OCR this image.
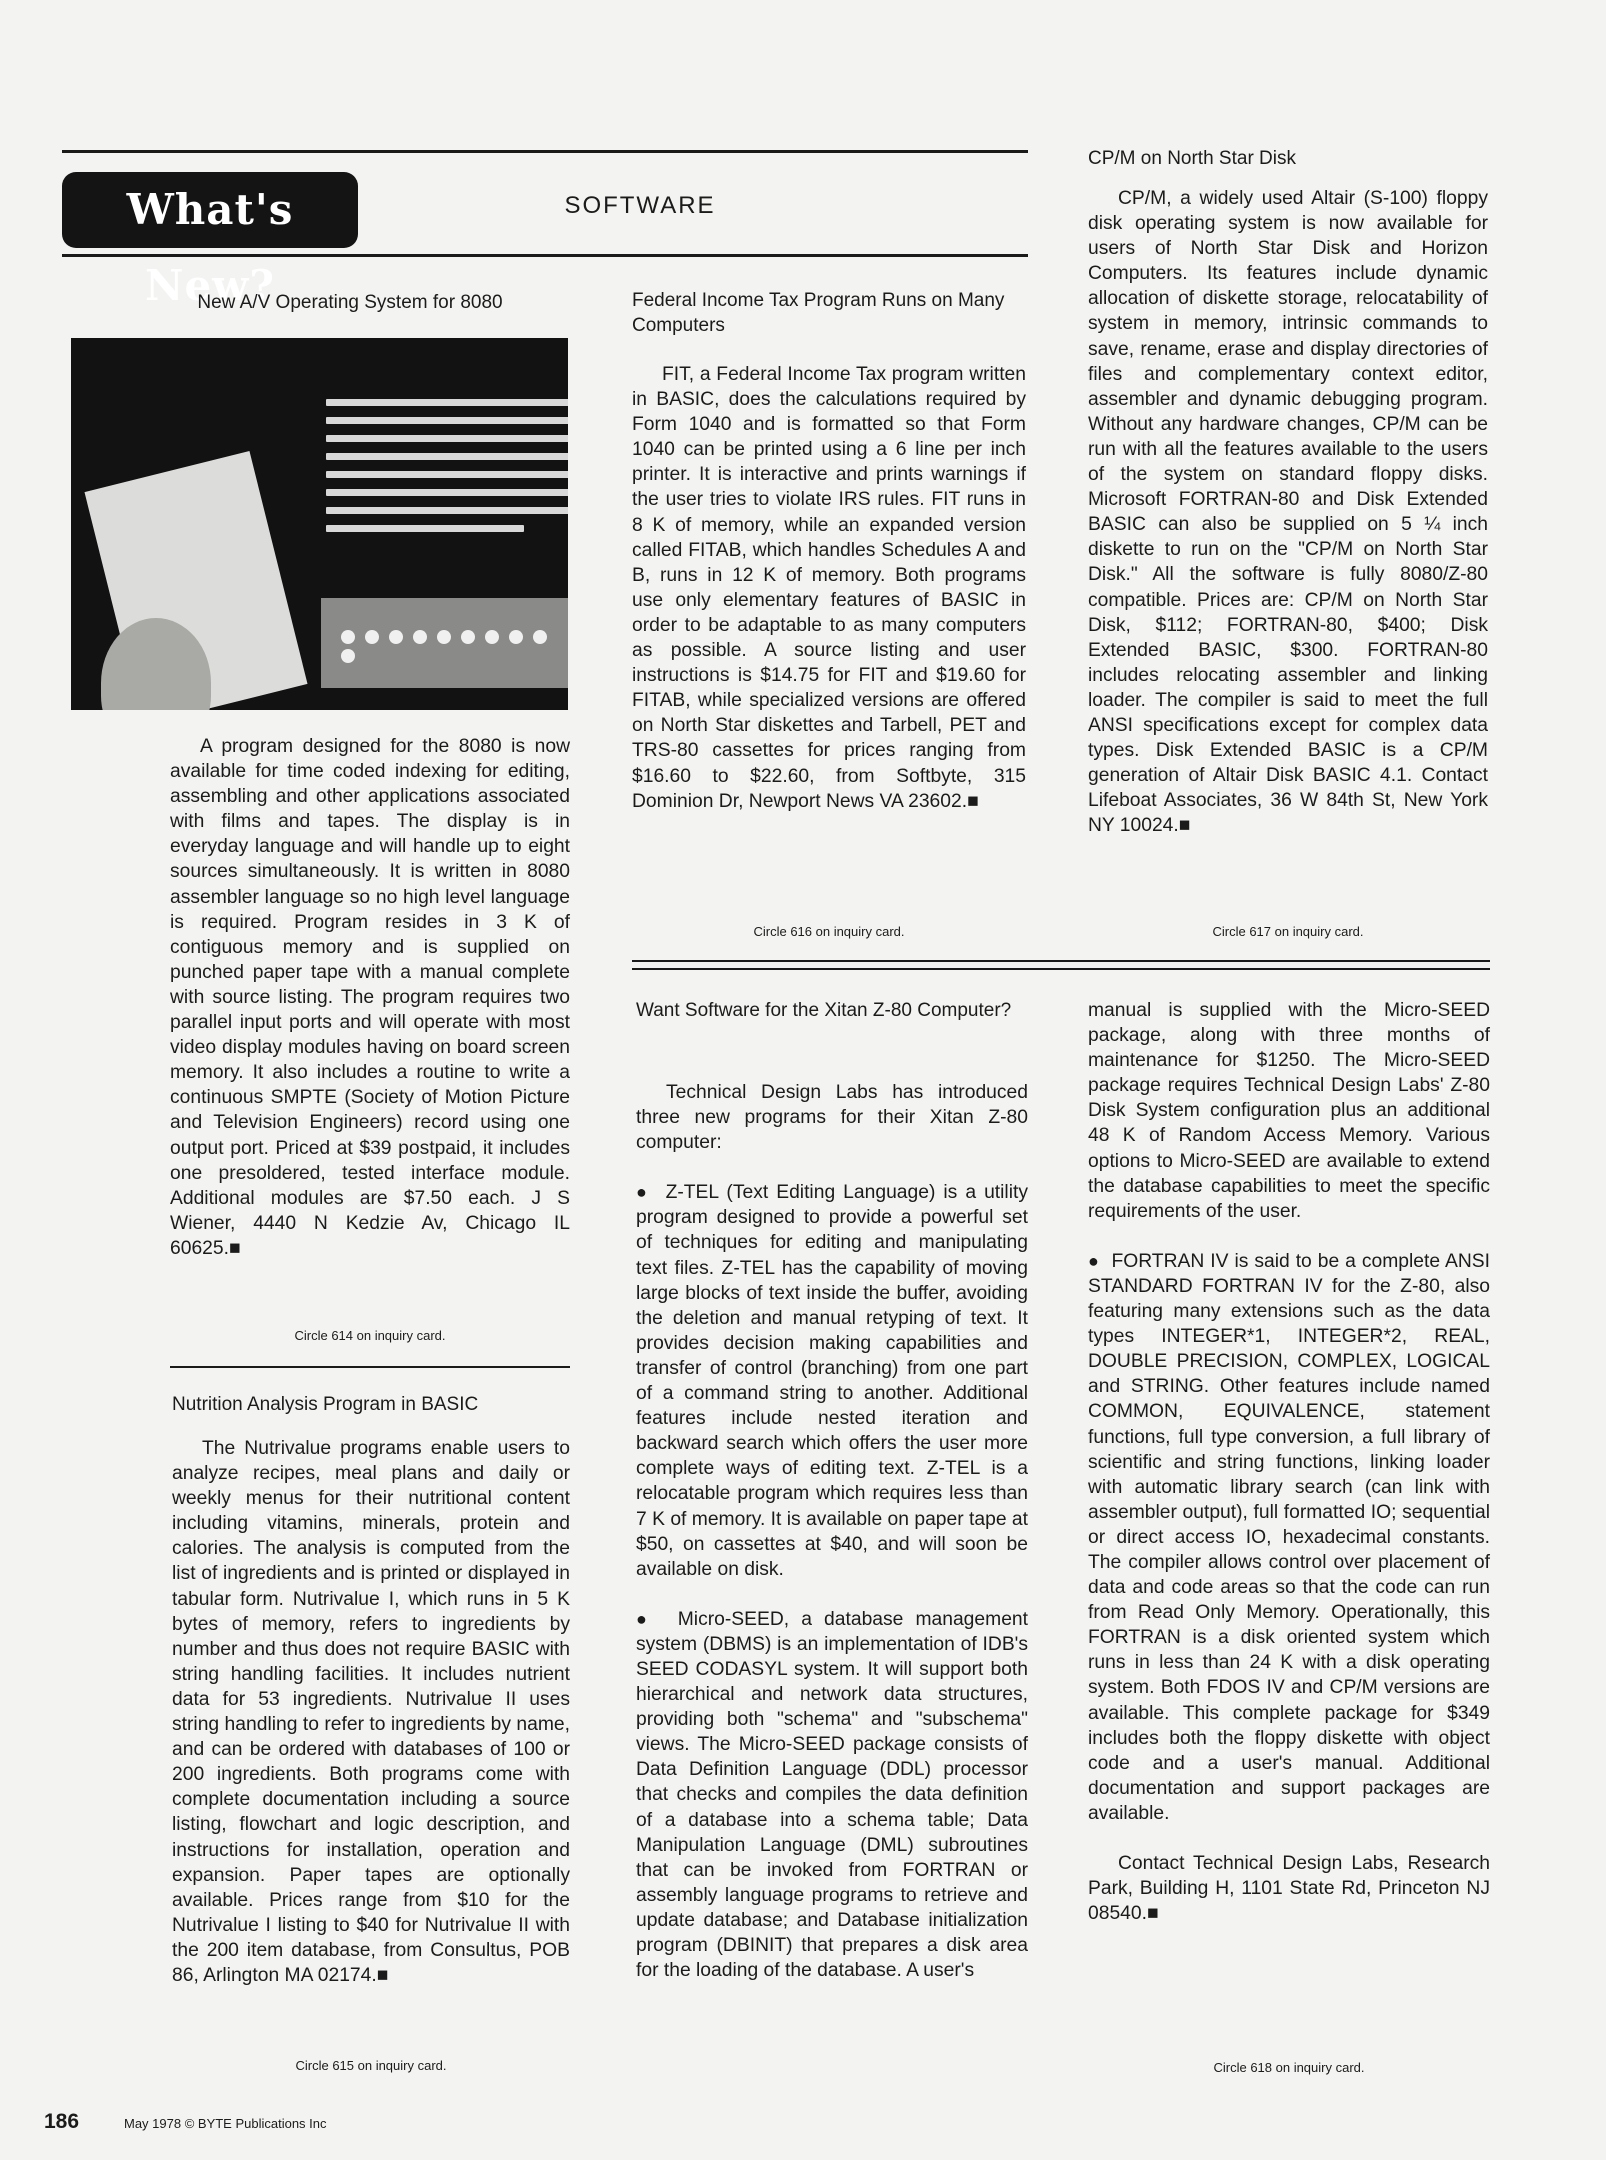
What's New?
SOFTWARE
New A/V Operating System for 8080

A program designed for the 8080 is now available for time coded indexing for editing, assembling and other applications associated with films and tapes. The display is in everyday language and will handle up to eight sources simultaneously. It is written in 8080 assembler language so no high level language is required. Program resides in 3 K of contiguous memory and is supplied on punched paper tape with a manual complete with source listing. The program requires two parallel input ports and will operate with most video display modules having on board screen memory. It also includes a routine to write a continuous SMPTE (Society of Motion Picture and Television Engineers) record using one output port. Priced at $39 postpaid, it includes one presoldered, tested interface module. Additional modules are $7.50 each. J S Wiener, 4440 N Kedzie Av, Chicago IL 60625.■

Circle 614 on inquiry card.
Nutrition Analysis Program in BASIC

The Nutrivalue programs enable users to analyze recipes, meal plans and daily or weekly menus for their nutritional content including vitamins, minerals, protein and calories. The analysis is computed from the list of ingredients and is printed or displayed in tabular form. Nutrivalue I, which runs in 5 K bytes of memory, refers to ingredients by number and thus does not require BASIC with string handling facilities. It includes nutrient data for 53 ingredients. Nutrivalue II uses string handling to refer to ingredients by name, and can be ordered with databases of 100 or 200 ingredients. Both programs come with complete documentation including a source listing, flowchart and logic description, and instructions for installation, operation and expansion. Paper tapes are optionally available. Prices range from $10 for the Nutrivalue I listing to $40 for Nutrivalue II with the 200 item database, from Consultus, POB 86, Arlington MA 02174.■

Circle 615 on inquiry card.
Federal Income Tax Program Runs on Many Computers

FIT, a Federal Income Tax program written in BASIC, does the calculations required by Form 1040 and is formatted so that Form 1040 can be printed using a 6 line per inch printer. It is interactive and prints warnings if the user tries to violate IRS rules. FIT runs in 8 K of memory, while an expanded version called FITAB, which handles Schedules A and B, runs in 12 K of memory. Both programs use only elementary features of BASIC in order to be adaptable to as many computers as possible. A source listing and user instructions is $14.75 for FIT and $19.60 for FITAB, while specialized versions are offered on North Star diskettes and Tarbell, PET and TRS-80 cassettes for prices ranging from $16.60 to $22.60, from Softbyte, 315 Dominion Dr, Newport News VA 23602.■

Circle 616 on inquiry card.
CP/M on North Star Disk

CP/M, a widely used Altair (S-100) floppy disk operating system is now available for users of North Star Disk and Horizon Computers. Its features include dynamic allocation of diskette storage, relocatability of system in memory, intrinsic commands to save, rename, erase and display directories of files and complementary context editor, assembler and dynamic debugging program. Without any hardware changes, CP/M can be run with all the features available to the users of the system on standard floppy disks. Microsoft FORTRAN-80 and Disk Extended BASIC can also be supplied on 5 ¼ inch diskette to run on the "CP/M on North Star Disk." All the software is fully 8080/Z-80 compatible. Prices are: CP/M on North Star Disk, $112; FORTRAN-80, $400; Disk Extended BASIC, $300. FORTRAN-80 includes relocating assembler and linking loader. The compiler is said to meet the full ANSI specifications except for complex data types. Disk Extended BASIC is a CP/M generation of Altair Disk BASIC 4.1. Contact Lifeboat Associates, 36 W 84th St, New York NY 10024.■

Circle 617 on inquiry card.
Want Software for the Xitan Z-80 Computer?

Technical Design Labs has introduced three new programs for their Xitan Z-80 computer:

● Z-TEL (Text Editing Language) is a utility program designed to provide a powerful set of techniques for editing and manipulating text files. Z-TEL has the capability of moving large blocks of text inside the buffer, avoiding the deletion and manual retyping of text. It provides decision making capabilities and transfer of control (branching) from one part of a command string to another. Additional features include nested iteration and backward search which offers the user more complete ways of editing text. Z-TEL is a relocatable program which requires less than 7 K of memory. It is available on paper tape at $50, on cassettes at $40, and will soon be available on disk.

● Micro-SEED, a database management system (DBMS) is an implementation of IDB's SEED CODASYL system. It will support both hierarchical and network data structures, providing both "schema" and "subschema" views. The Micro-SEED package consists of Data Definition Language (DDL) processor that checks and compiles the data definition of a database into a schema table; Data Manipulation Language (DML) subroutines that can be invoked from FORTRAN or assembly language programs to retrieve and update database; and Database initialization program (DBINIT) that prepares a disk area for the loading of the database. A user's

manual is supplied with the Micro-SEED package, along with three months of maintenance for $1250. The Micro-SEED package requires Technical Design Labs' Z-80 Disk System configuration plus an additional 48 K of Random Access Memory. Various options to Micro-SEED are available to extend the database capabilities to meet the specific requirements of the user.

● FORTRAN IV is said to be a complete ANSI STANDARD FORTRAN IV for the Z-80, also featuring many extensions such as the data types INTEGER*1, INTEGER*2, REAL, DOUBLE PRECISION, COMPLEX, LOGICAL and STRING. Other features include named COMMON, EQUIVALENCE, statement functions, full type conversion, a full library of scientific and string functions, linking loader with automatic library search (can link with assembler output), full formatted IO; sequential or direct access IO, hexadecimal constants. The compiler allows control over placement of data and code areas so that the code can run from Read Only Memory. Operationally, this FORTRAN is a disk oriented system which runs in less than 24 K with a disk operating system. Both FDOS IV and CP/M versions are available. This complete package for $349 includes both the floppy diskette with object code and a user's manual. Additional documentation and support packages are available.

Contact Technical Design Labs, Research Park, Building H, 1101 State Rd, Princeton NJ 08540.■

Circle 618 on inquiry card.
186	May 1978 © BYTE Publications Inc
